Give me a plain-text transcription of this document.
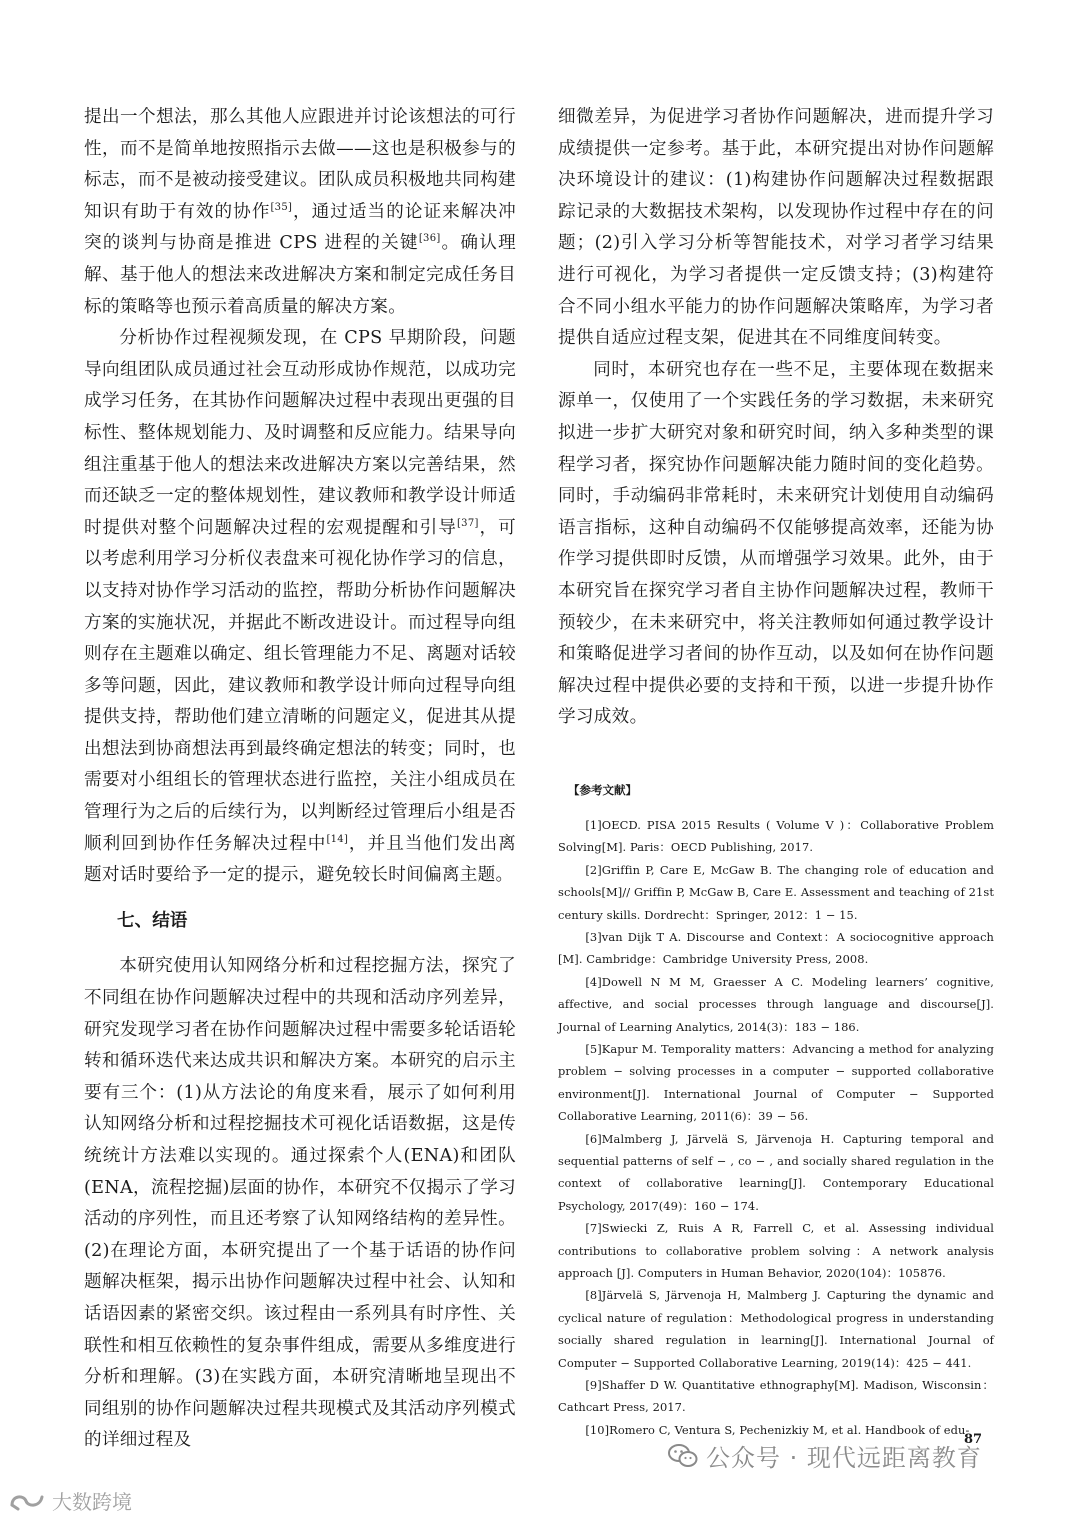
提出一个想法，那么其他人应跟进并讨论该想法的可行性，而不是简单地按照指示去做——这也是积极参与的标志，而不是被动接受建议。团队成员积极地共同构建知识有助于有效的协作[35]，通过适当的论证来解决冲突的谈判与协商是推进 CPS 进程的关键[36]。确认理解、基于他人的想法来改进解决方案和制定完成任务目标的策略等也预示着高质量的解决方案。

分析协作过程视频发现，在 CPS 早期阶段，问题导向组团队成员通过社会互动形成协作规范，以成功完成学习任务，在其协作问题解决过程中表现出更强的目标性、整体规划能力、及时调整和反应能力。结果导向组注重基于他人的想法来改进解决方案以完善结果，然而还缺乏一定的整体规划性，建议教师和教学设计师适时提供对整个问题解决过程的宏观提醒和引导[37]，可以考虑利用学习分析仪表盘来可视化协作学习的信息，以支持对协作学习活动的监控，帮助分析协作问题解决方案的实施状况，并据此不断改进设计。而过程导向组则存在主题难以确定、组长管理能力不足、离题对话较多等问题，因此，建议教师和教学设计师向过程导向组提供支持，帮助他们建立清晰的问题定义，促进其从提出想法到协商想法再到最终确定想法的转变；同时，也需要对小组组长的管理状态进行监控，关注小组成员在管理行为之后的后续行为，以判断经过管理后小组是否顺利回到协作任务解决过程中[14]，并且当他们发出离题对话时要给予一定的提示，避免较长时间偏离主题。

七、结语

本研究使用认知网络分析和过程挖掘方法，探究了不同组在协作问题解决过程中的共现和活动序列差异，研究发现学习者在协作问题解决过程中需要多轮话语轮转和循环迭代来达成共识和解决方案。本研究的启示主要有三个：(1)从方法论的角度来看，展示了如何利用认知网络分析和过程挖掘技术可视化话语数据，这是传统统计方法难以实现的。通过探索个人(ENA)和团队(ENA，流程挖掘)层面的协作，本研究不仅揭示了学习活动的序列性，而且还考察了认知网络结构的差异性。(2)在理论方面，本研究提出了一个基于话语的协作问题解决框架，揭示出协作问题解决过程中社会、认知和话语因素的紧密交织。该过程由一系列具有时序性、关联性和相互依赖性的复杂事件组成，需要从多维度进行分析和理解。(3)在实践方面，本研究清晰地呈现出不同组别的协作问题解决过程共现模式及其活动序列模式的详细过程及

细微差异，为促进学习者协作问题解决，进而提升学习成绩提供一定参考。基于此，本研究提出对协作问题解决环境设计的建议：(1)构建协作问题解决过程数据跟踪记录的大数据技术架构，以发现协作过程中存在的问题；(2)引入学习分析等智能技术，对学习者学习结果进行可视化，为学习者提供一定反馈支持；(3)构建符合不同小组水平能力的协作问题解决策略库，为学习者提供自适应过程支架，促进其在不同维度间转变。

同时，本研究也存在一些不足，主要体现在数据来源单一，仅使用了一个实践任务的学习数据，未来研究拟进一步扩大研究对象和研究时间，纳入多种类型的课程学习者，探究协作问题解决能力随时间的变化趋势。同时，手动编码非常耗时，未来研究计划使用自动编码语言指标，这种自动编码不仅能够提高效率，还能为协作学习提供即时反馈，从而增强学习效果。此外，由于本研究旨在探究学习者自主协作问题解决过程，教师干预较少，在未来研究中，将关注教师如何通过教学设计和策略促进学习者间的协作互动，以及如何在协作问题解决过程中提供必要的支持和干预，以进一步提升协作学习成效。

【参考文献】

[1]OECD. PISA 2015 Results ( Volume V )：Collaborative Problem Solving[M]. Paris：OECD Publishing, 2017.

[2]Griffin P, Care E, McGaw B. The changing role of education and schools[M]// Griffin P, McGaw B, Care E. Assessment and teaching of 21st century skills. Dordrecht：Springer, 2012：1 − 15.

[3]van Dijk T A. Discourse and Context：A sociocognitive approach [M]. Cambridge：Cambridge University Press, 2008.

[4]Dowell N M M, Graesser A C. Modeling learners’ cognitive, affective, and social processes through language and discourse[J]. Journal of Learning Analytics, 2014(3)：183 − 186.

[5]Kapur M. Temporality matters：Advancing a method for analyzing problem − solving processes in a computer − supported collaborative environment[J]. International Journal of Computer − Supported Collaborative Learning, 2011(6)：39 − 56.

[6]Malmberg J, Järvelä S, Järvenoja H. Capturing temporal and sequential patterns of self − , co − , and socially shared regulation in the context of collaborative learning[J]. Contemporary Educational Psychology, 2017(49)：160 − 174.

[7]Swiecki Z, Ruis A R, Farrell C, et al. Assessing individual contributions to collaborative problem solving：A network analysis approach [J]. Computers in Human Behavior, 2020(104)：105876.

[8]Järvelä S, Järvenoja H, Malmberg J. Capturing the dynamic and cyclical nature of regulation：Methodological progress in understanding socially shared regulation in learning[J]. International Journal of Computer − Supported Collaborative Learning, 2019(14)：425 − 441.

[9]Shaffer D W. Quantitative ethnography[M]. Madison, Wisconsin：Cathcart Press, 2017.

[10]Romero C, Ventura S, Pechenizkiy M, et al. Handbook of edu-

87
公众号 · 现代远距离教育
大数跨境
